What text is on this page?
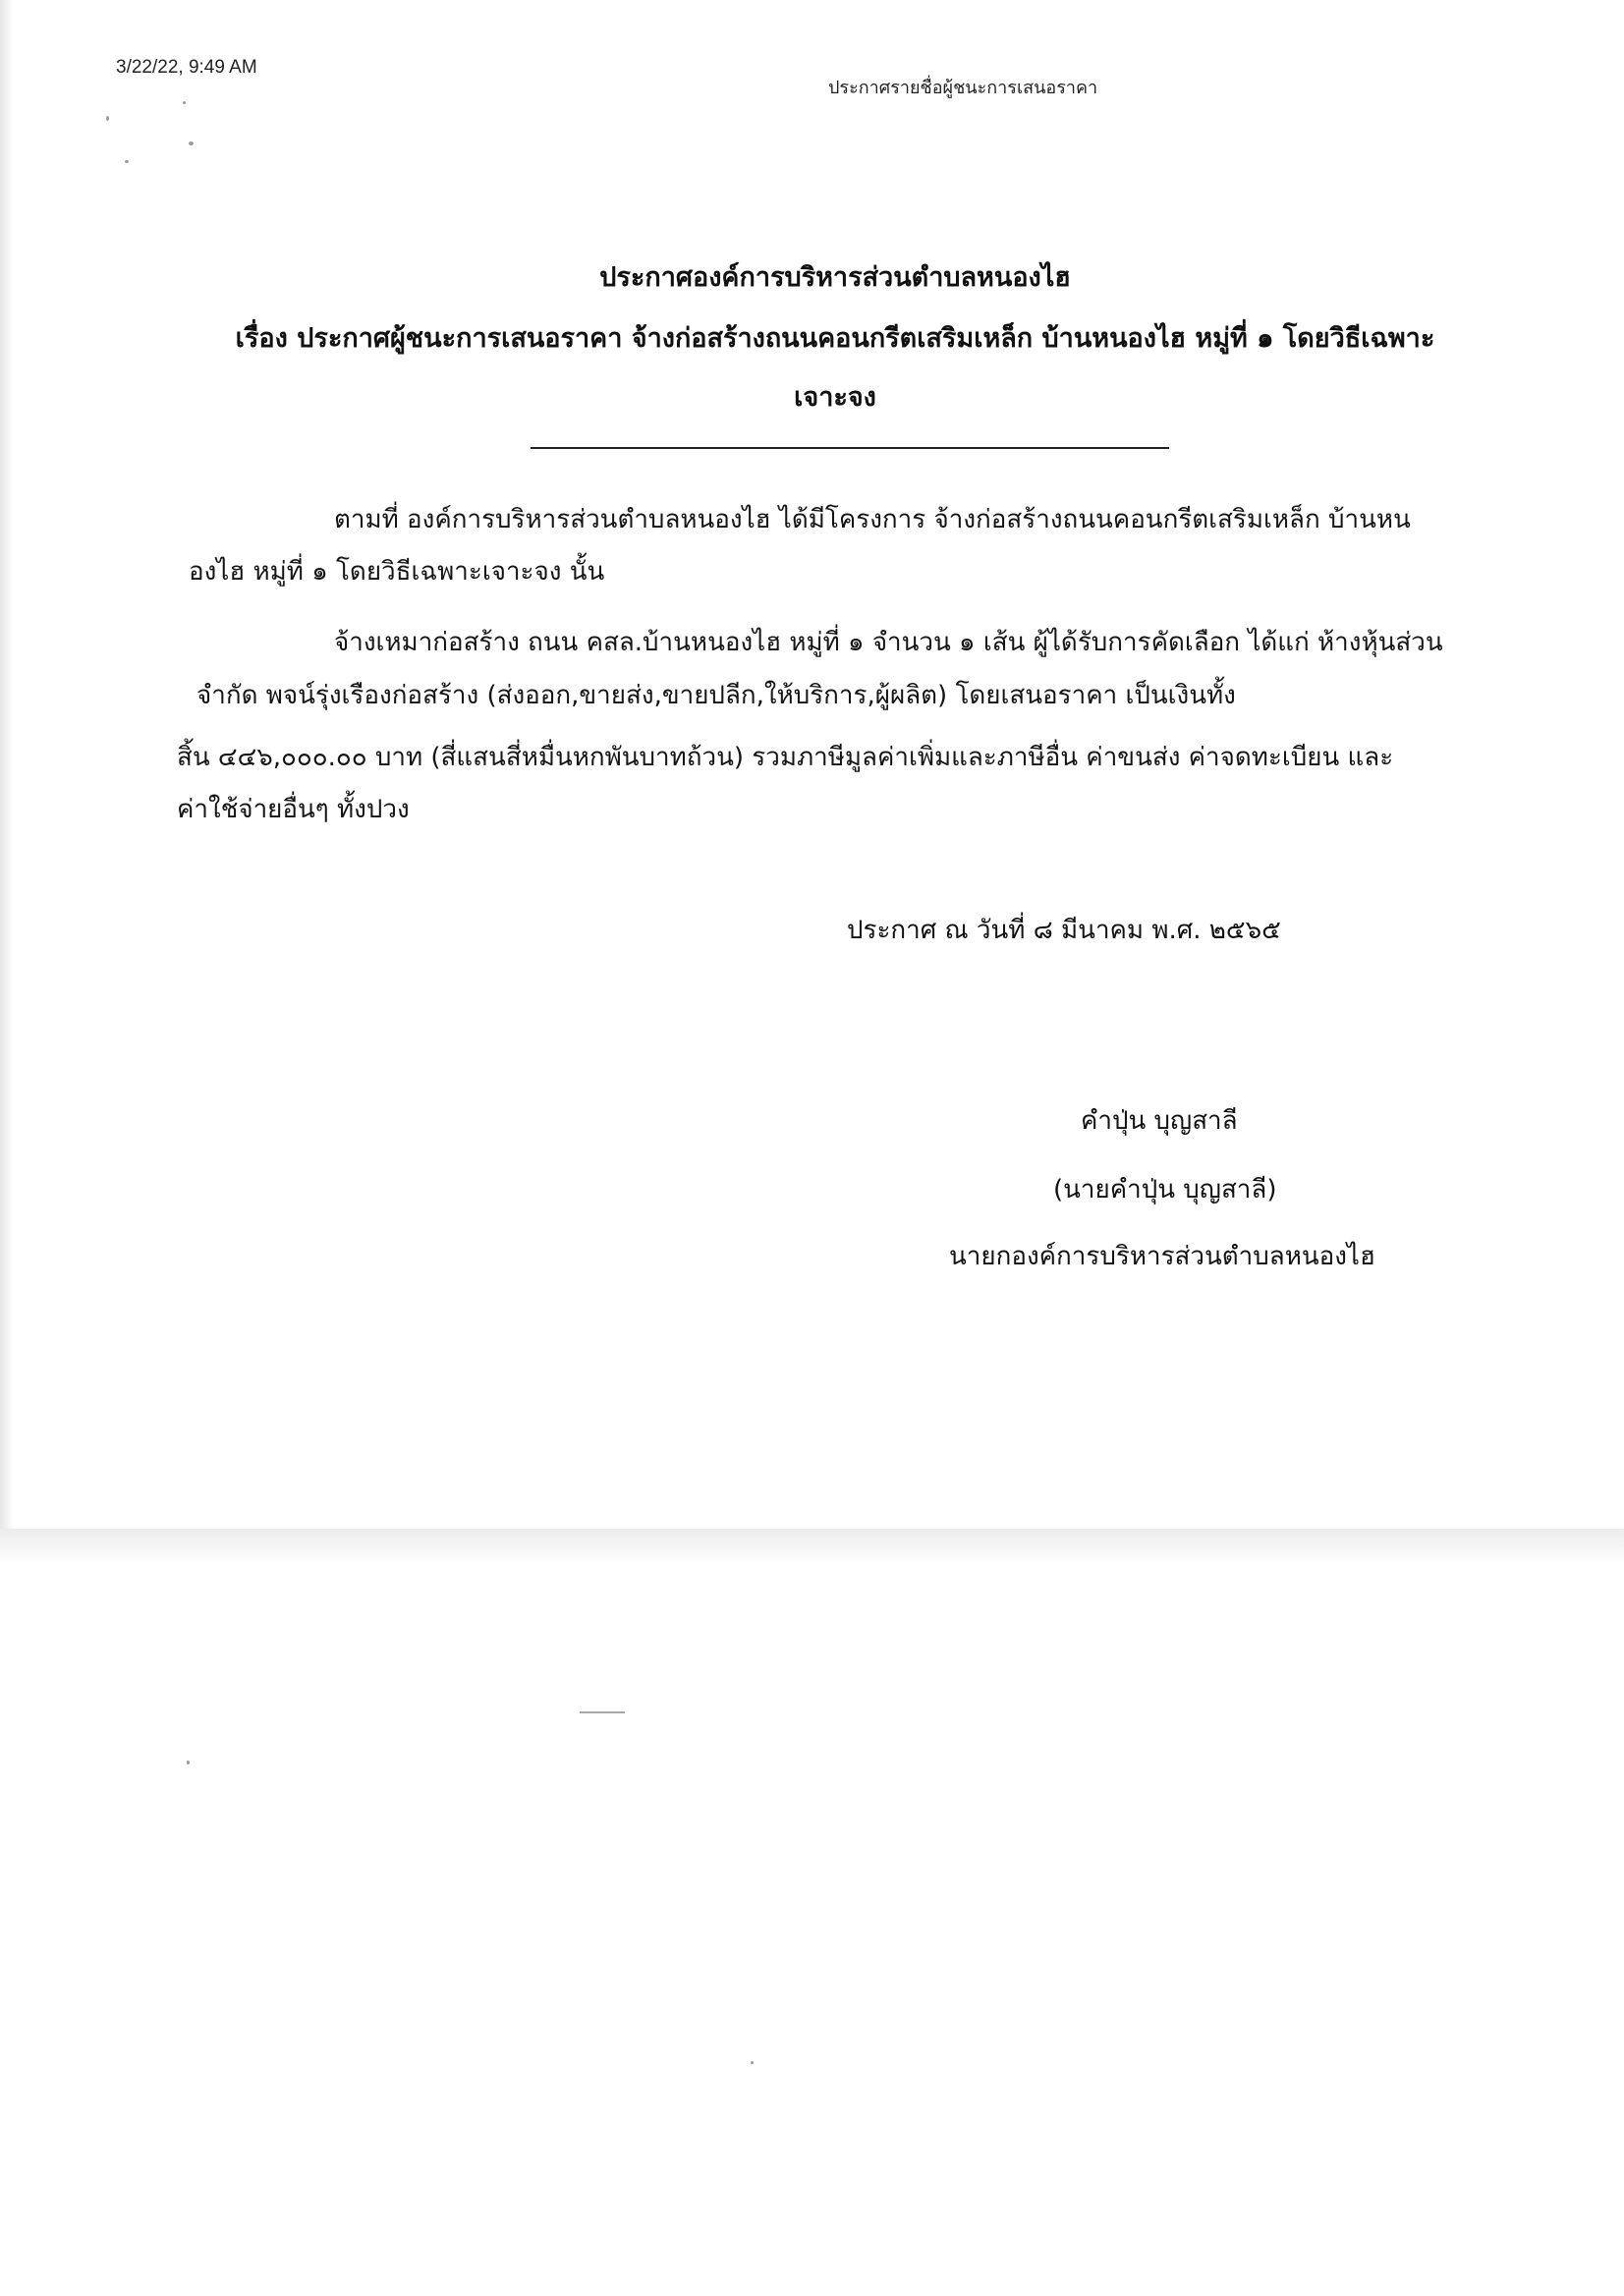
3/22/22, 9:49 AM
ประกาศรายชื่อผู้ชนะการเสนอราคา
ประกาศองค์การบริหารส่วนตำบลหนองไฮ
เรื่อง ประกาศผู้ชนะการเสนอราคา จ้างก่อสร้างถนนคอนกรีตเสริมเหล็ก บ้านหนองไฮ หมู่ที่ ๑ โดยวิธีเฉพาะ
เจาะจง
ตามที่ องค์การบริหารส่วนตำบลหนองไฮ ได้มีโครงการ จ้างก่อสร้างถนนคอนกรีตเสริมเหล็ก บ้านหน
องไฮ หมู่ที่ ๑ โดยวิธีเฉพาะเจาะจง นั้น
จ้างเหมาก่อสร้าง ถนน คสล.บ้านหนองไฮ หมู่ที่ ๑ จำนวน ๑ เส้น ผู้ได้รับการคัดเลือก ได้แก่ ห้างหุ้นส่วน
จำกัด พจน์รุ่งเรืองก่อสร้าง (ส่งออก,ขายส่ง,ขายปลีก,ให้บริการ,ผู้ผลิต) โดยเสนอราคา เป็นเงินทั้ง
สิ้น ๔๔๖,๐๐๐.๐๐ บาท (สี่แสนสี่หมื่นหกพันบาทถ้วน) รวมภาษีมูลค่าเพิ่มและภาษีอื่น ค่าขนส่ง ค่าจดทะเบียน และ
ค่าใช้จ่ายอื่นๆ ทั้งปวง
ประกาศ ณ วันที่ ๘ มีนาคม พ.ศ. ๒๕๖๕
คำปุ่น บุญสาลี
(นายคำปุ่น บุญสาลี)
นายกองค์การบริหารส่วนตำบลหนองไฮ
